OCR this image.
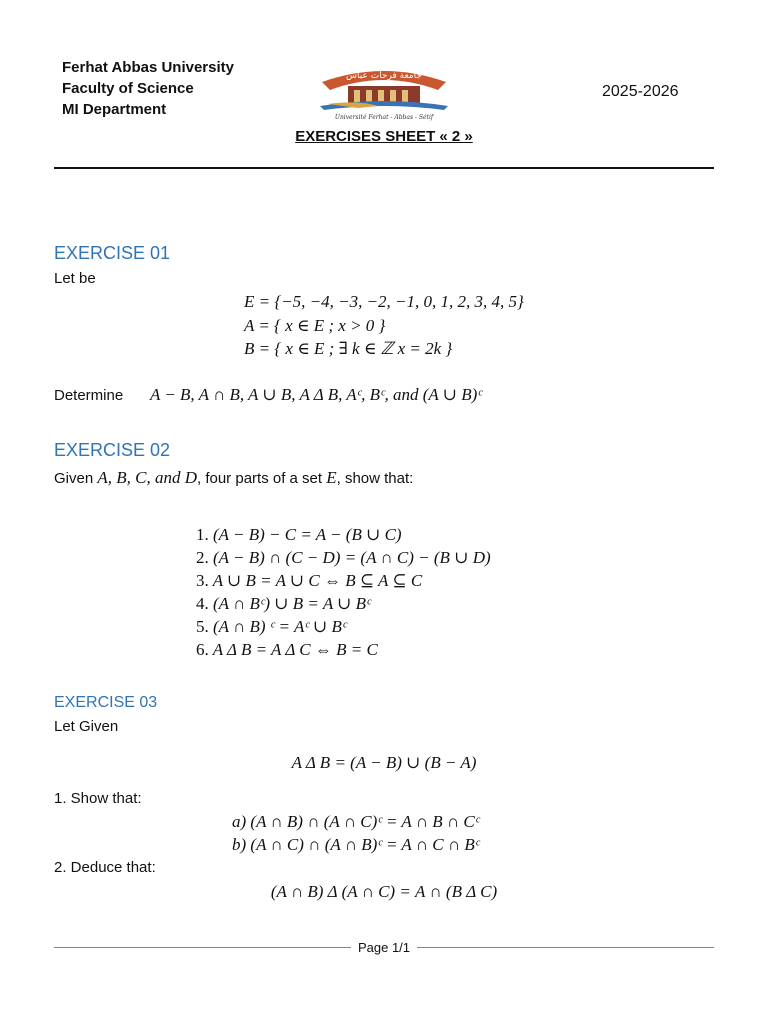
Ferhat Abbas University
Faculty of Science
MI Department
2025-2026
جامعة فرحات عباس
Université Ferhat - Abbas - Sétif
EXERCISES SHEET « 2 »
EXERCISE 01
Let be
E = {−5, −4, −3, −2, −1, 0, 1, 2, 3, 4, 5}
A = { x ∈ E ; x > 0 }
B = { x ∈ E ; ∃ k ∈ ℤ x = 2k }
Determine A − B, A ∩ B, A ∪ B, A Δ B, Aᶜ, Bᶜ, and (A ∪ B)ᶜ
EXERCISE 02
Given A, B, C, and D, four parts of a set E, show that:
1. (A − B) − C = A − (B ∪ C)
2. (A − B) ∩ (C − D) = (A ∩ C) − (B ∪ D)
3. A ∪ B = A ∪ C ⇔ B ⊆ A ⊆ C
4. (A ∩ Bᶜ) ∪ B = A ∪ Bᶜ
5. (A ∩ B) ᶜ = Aᶜ ∪ Bᶜ
6. A Δ B = A Δ C ⇔ B = C
EXERCISE 03
Let Given
A Δ B = (A − B) ∪ (B − A)
1. Show that:
a) (A ∩ B) ∩ (A ∩ C)ᶜ = A ∩ B ∩ Cᶜ
b) (A ∩ C) ∩ (A ∩ B)ᶜ = A ∩ C ∩ Bᶜ
2. Deduce that:
(A ∩ B) Δ (A ∩ C) = A ∩ (B Δ C)
Page 1/1
